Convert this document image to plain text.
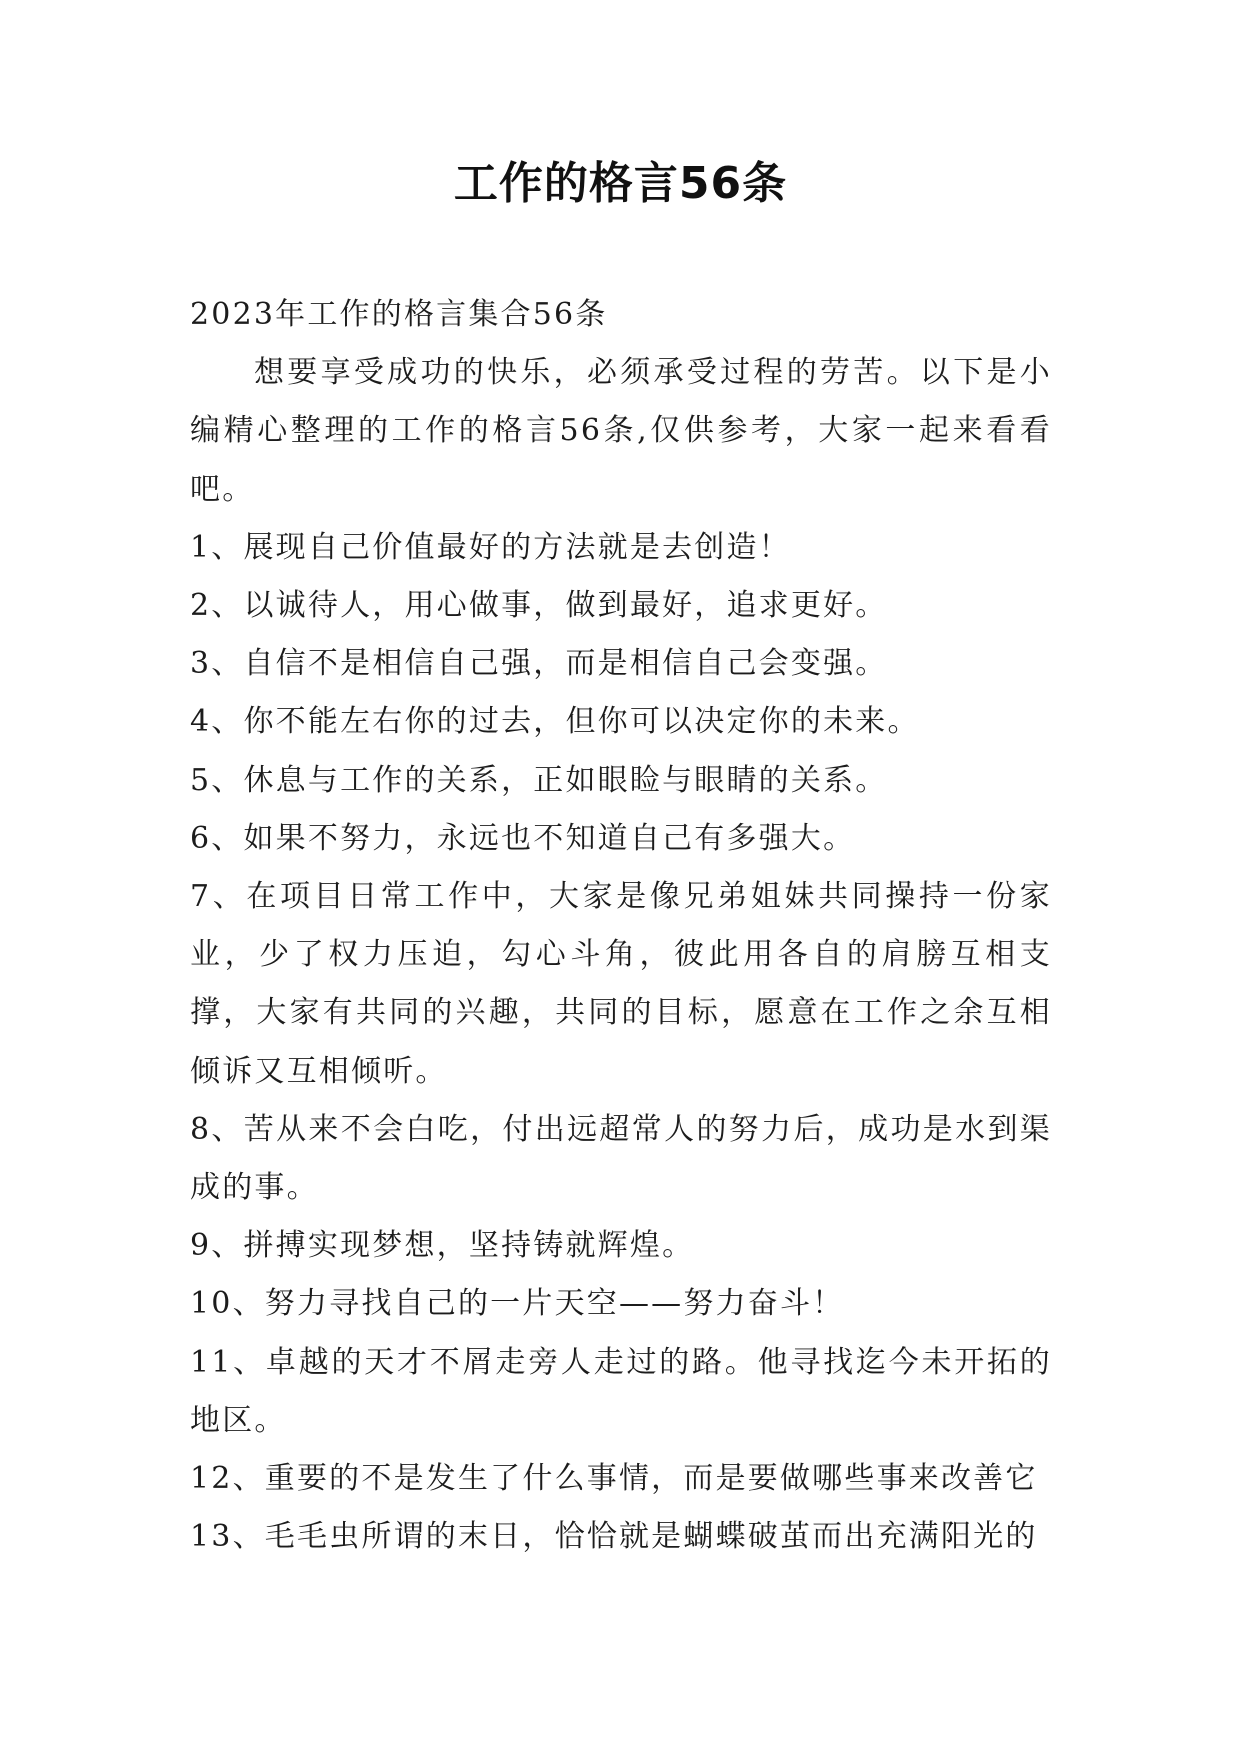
工作的格言56条

2023年工作的格言集合56条

想要享受成功的快乐，必须承受过程的劳苦。以下是小编精心整理的工作的格言56条,仅供参考，大家一起来看看吧。

1、展现自己价值最好的方法就是去创造！

2、以诚待人，用心做事，做到最好，追求更好。

3、自信不是相信自己强，而是相信自己会变强。

4、你不能左右你的过去，但你可以决定你的未来。

5、休息与工作的关系，正如眼睑与眼睛的关系。

6、如果不努力，永远也不知道自己有多强大。

7、在项目日常工作中，大家是像兄弟姐妹共同操持一份家业，少了权力压迫，勾心斗角，彼此用各自的肩膀互相支撑，大家有共同的兴趣，共同的目标，愿意在工作之余互相倾诉又互相倾听。

8、苦从来不会白吃，付出远超常人的努力后，成功是水到渠成的事。

9、拼搏实现梦想，坚持铸就辉煌。

10、努力寻找自己的一片天空——努力奋斗！

11、卓越的天才不屑走旁人走过的路。他寻找迄今未开拓的地区。

12、重要的不是发生了什么事情，而是要做哪些事来改善它

13、毛毛虫所谓的末日，恰恰就是蝴蝶破茧而出充满阳光的
